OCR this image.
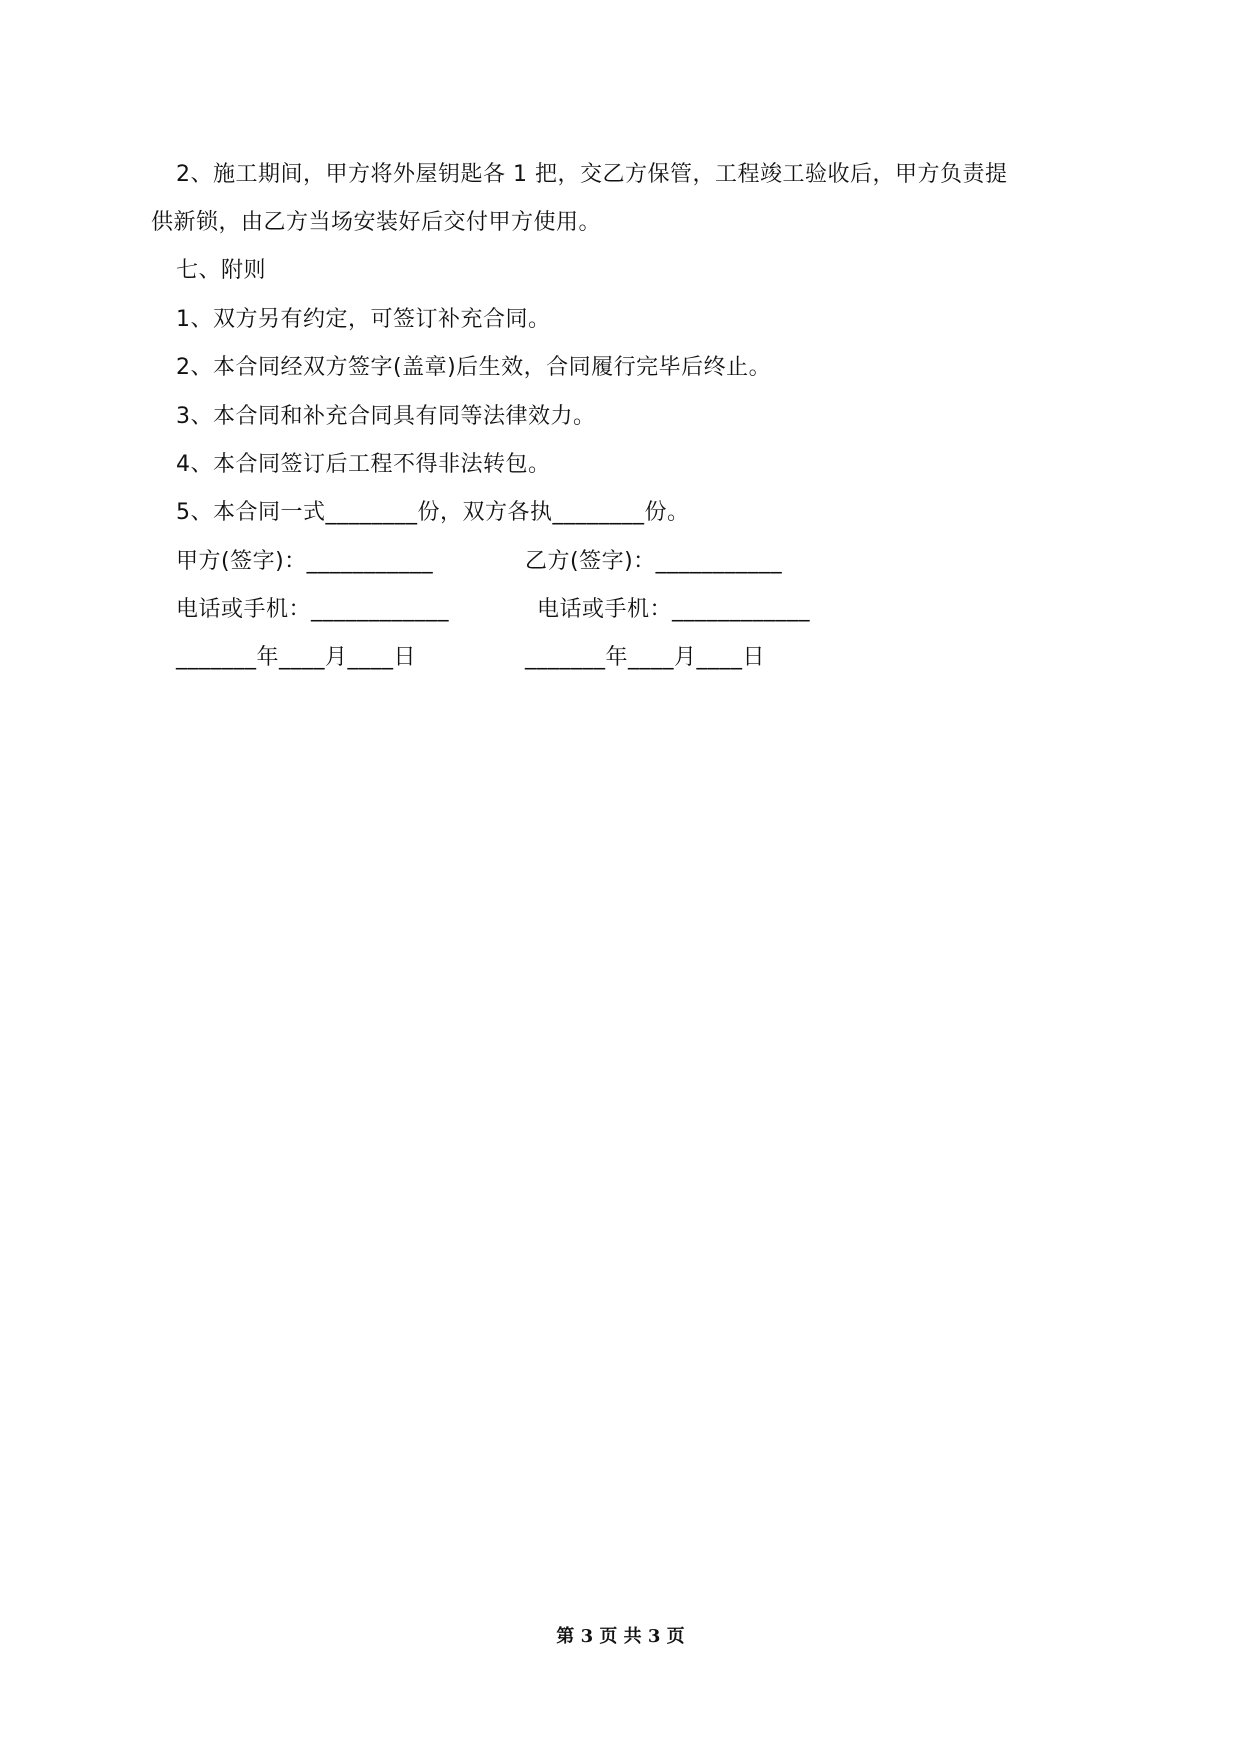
2、施工期间，甲方将外屋钥匙各 1 把，交乙方保管，工程竣工验收后，甲方负责提
供新锁，由乙方当场安装好后交付甲方使用。
七、附则
1、双方另有约定，可签订补充合同。
2、本合同经双方签字(盖章)后生效，合同履行完毕后终止。
3、本合同和补充合同具有同等法律效力。
4、本合同签订后工程不得非法转包。
5、本合同一式________份，双方各执________份。
甲方(签字)：___________	乙方(签字)：___________
电话或手机：____________	电话或手机：____________
_______年____月____日	_______年____月____日
第 3 页 共 3 页
